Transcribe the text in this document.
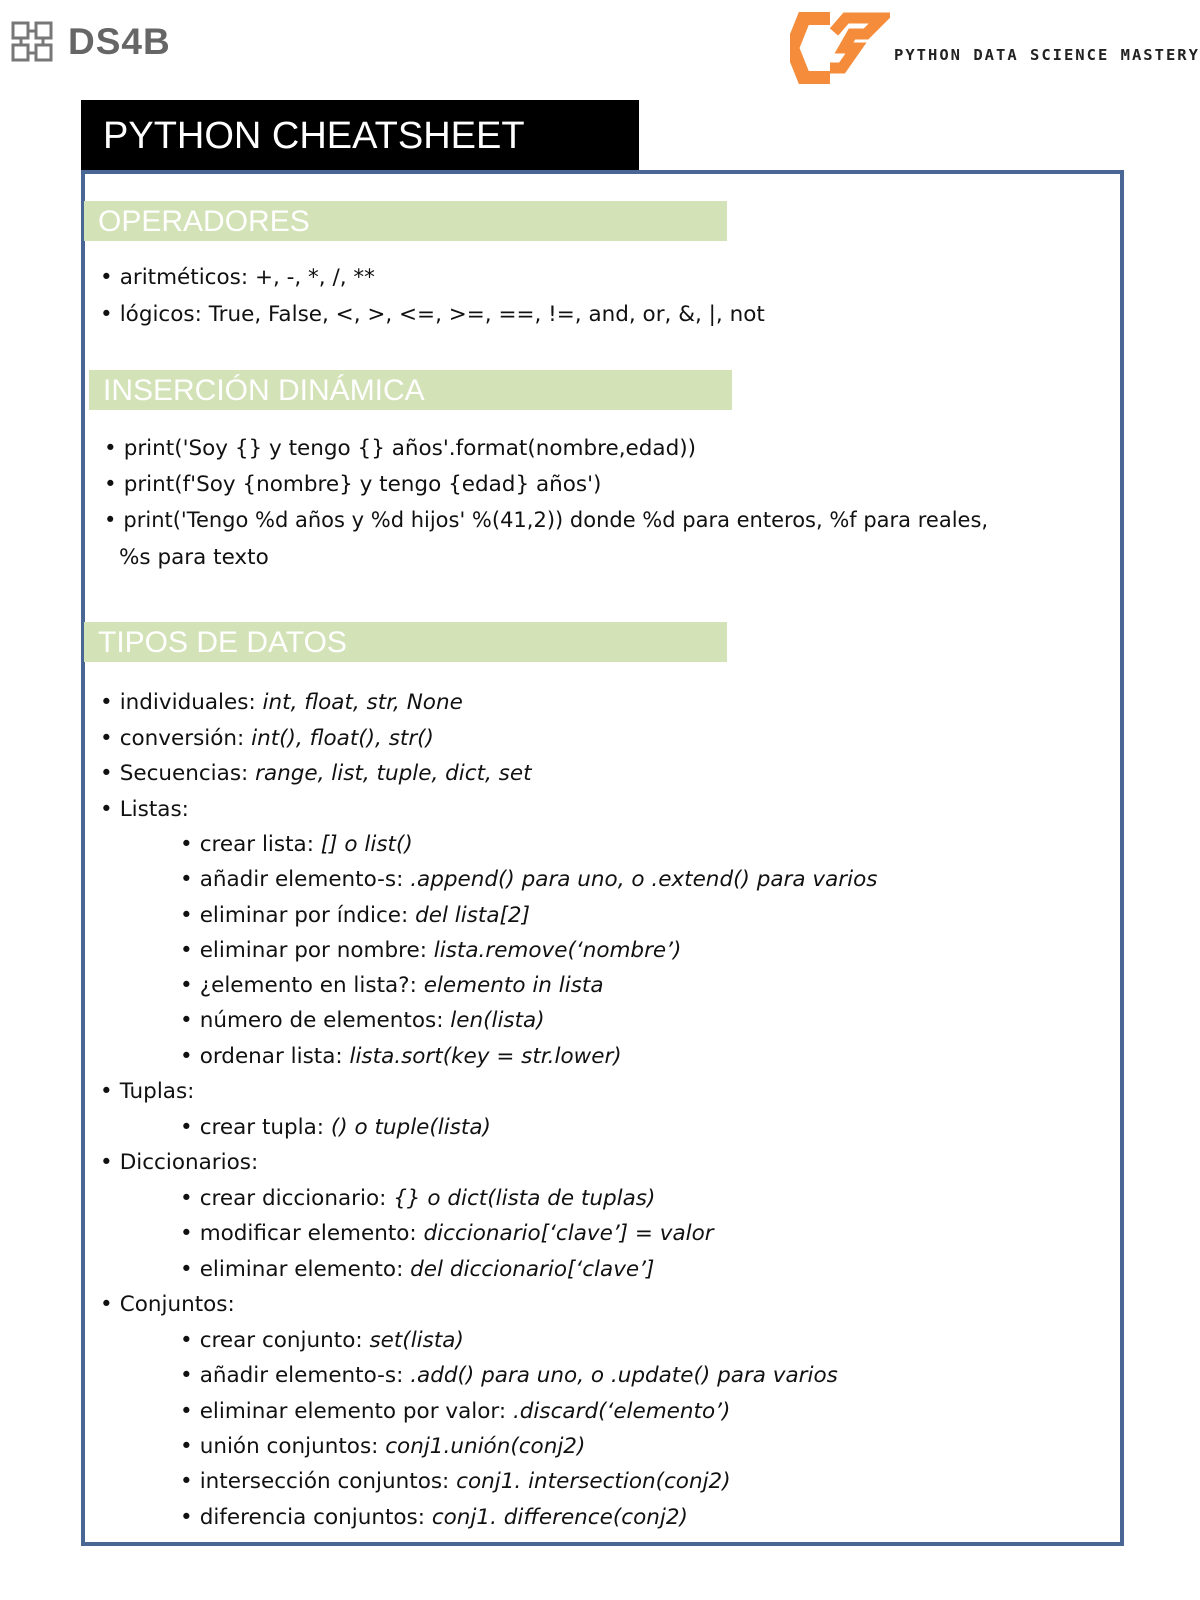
DS4B	PYTHON DATA SCIENCE MASTERY
PYTHON CHEATSHEET
OPERADORES
• aritméticos: +, -, *, /, **
• lógicos: True, False, <, >, <=, >=, ==, !=, and, or, &, |, not
INSERCIÓN DINÁMICA
• print('Soy {} y tengo {} años'.format(nombre,edad))
• print(f'Soy {nombre} y tengo {edad} años')
• print('Tengo %d años y %d hijos' %(41,2)) donde %d para enteros, %f para reales,
%s para texto
TIPOS DE DATOS
• individuales: int, float, str, None
• conversión: int(), float(), str()
• Secuencias: range, list, tuple, dict, set
• Listas:
• crear lista: [] o list()
• añadir elemento-s: .append() para uno, o .extend() para varios
• eliminar por índice: del lista[2]
• eliminar por nombre: lista.remove(‘nombre’)
• ¿elemento en lista?: elemento in lista
• número de elementos: len(lista)
• ordenar lista: lista.sort(key = str.lower)
• Tuplas:
• crear tupla: () o tuple(lista)
• Diccionarios:
• crear diccionario: {} o dict(lista de tuplas)
• modificar elemento: diccionario[‘clave’] = valor
• eliminar elemento: del diccionario[‘clave’]
• Conjuntos:
• crear conjunto: set(lista)
• añadir elemento-s: .add() para uno, o .update() para varios
• eliminar elemento por valor: .discard(‘elemento’)
• unión conjuntos: conj1.unión(conj2)
• intersección conjuntos: conj1. intersection(conj2)
• diferencia conjuntos: conj1. difference(conj2)
